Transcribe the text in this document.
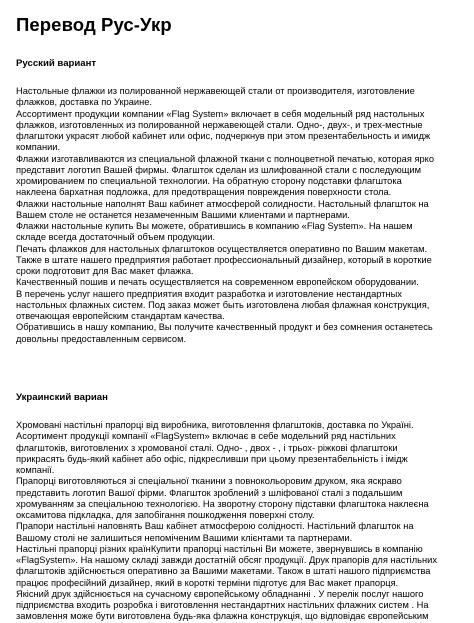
Перевод Рус-Укр
Русский вариант

Настольные флажки из полированной нержавеющей стали от производителя, изготовление

флажков, доставка по Украине.

Ассортимент продукции компании «Flag System» включает в себя модельный ряд настольных

флажков, изготовленных из полированной нержавеющей стали. Одно-, двух-, и трех-местные

флагштоки украсят любой кабинет или офис, подчеркнув при этом презентабельность и имидж

компании.

Флажки изготавливаются из специальной флажной ткани с полноцветной печатью, которая ярко

представит логотип Вашей фирмы. Флагшток сделан из шлифованной стали с последующим

хромированием по специальной технологии. На обратную сторону подставки флагштока

наклеена бархатная подложка, для предотвращения повреждения поверхности стола.

Флажки настольные наполнят Ваш кабинет атмосферой солидности. Настольный флагшток на

Вашем столе не останется незамеченным Вашими клиентами и партнерами.

Флажки настольные купить Вы можете, обратившись в компанию «Flag System». На нашем

складе всегда достаточный объем продукции.

Печать флажков для настольных флагштоков осуществляется оперативно по Вашим макетам.

Также в штате нашего предприятия работает профессиональный дизайнер, который в короткие

сроки подготовит для Вас макет флажка.

Качественный пошив и печать осуществляется на современном европейском оборудовании.

В перечень услуг нашего предприятия входит разработка и изготовление нестандартных

настольных флажных систем. Под заказ может быть изготовлена любая флажная конструкция,

отвечающая европейским стандартам качества.

Обратившись в нашу компанию, Вы получите качественный продукт и без сомнения останетесь

довольны предоставленным сервисом.

Украинский вариан

Хромовані настільні прапорці від виробника, виготовлення флагштоків, доставка по Україні.

Асортимент продукції компанії «FlagSystem» включає в себе модельний ряд настільних

флагштоків, виготовлених з хромованої сталі. Одно- , двох - , і трьох- рiжкові флагштоки

прикрасять будь-який кабінет або офіс, підкресливши при цьому презентабельність і імідж

компанії.

Прапорці виготовляються зі спеціальної тканини з повнокольоровим друком, яка яскраво

представить логотип Вашої фірми. Флагшток зроблений з шліфованої сталі з подальшим

хромуванням за спеціальною технологією. На зворотну сторону підставки флагштока наклеєна

оксамитова підкладка, для запобігання пошкодження поверхні столу.

Прапори настільні наповнять Ваш кабінет атмосферою солідності. Настільний флагшток на

Вашому столі не залишиться непоміченим Вашими клієнтами та партнерами.

Настільні прапорці різних країнКупити прапорці настільні Ви можете, звернувшись в компанію

«FlagSystem». На нашому складі завжди достатній обсяг продукції. Друк прапорів для настільних

флагштоків здійснюється оперативно за Вашими макетами. Також в штаті нашого підприємства

працює професійний дизайнер, який в короткі терміни підготує для Вас макет прапорця.

Якісний друк здійснюється на сучасному європейському обладнанні . У перелік послуг нашого

підприємства входить розробка і виготовлення нестандартних настільних флажних систем . На

замовлення може бути виготовлена будь-яка флажна конструкція, що відповідає європейським
